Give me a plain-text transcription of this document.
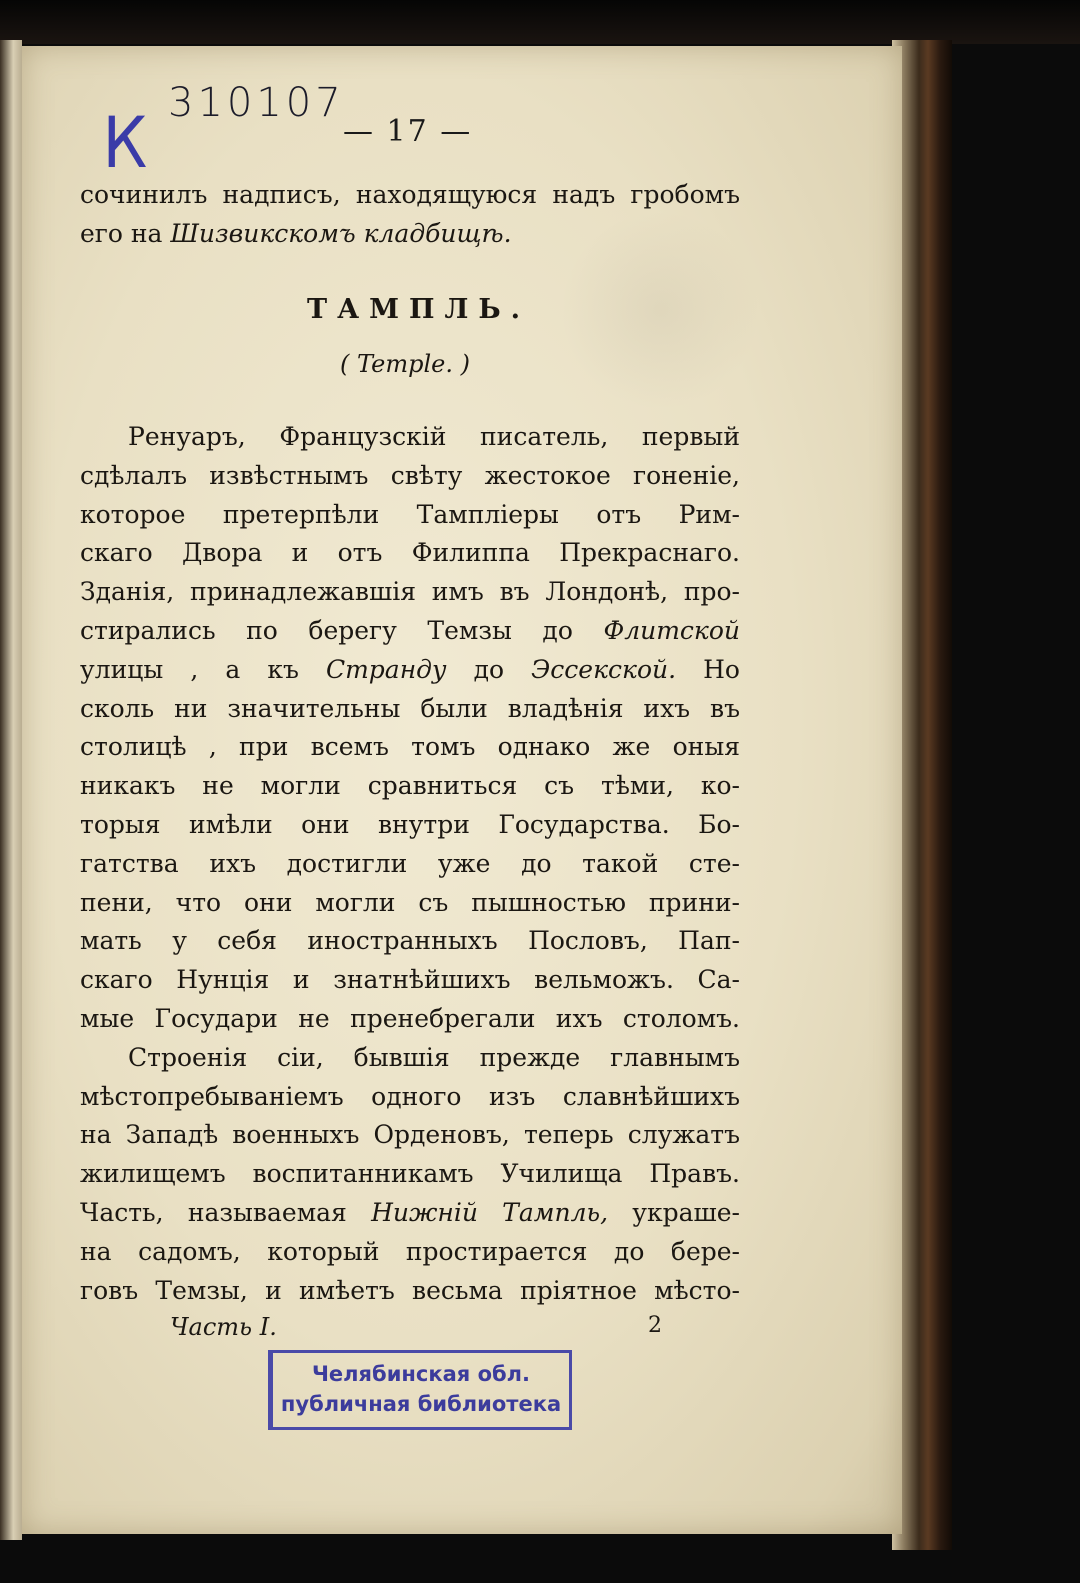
К 310107
— 17 —
сочинилъ надписъ, находящуюся надъ гробомъ
его на Шизвикскомъ кладбищѣ.
ТАМПЛЬ.
( Temple. )
Ренуаръ, Французскій писатель, первый
сдѣлалъ извѣстнымъ свѣту жестокое гоненіе,
которое претерпѣли Тампліеры отъ Рим-
скаго Двора и отъ Филиппа Прекраснаго.
Зданія, принадлежавшія имъ въ Лондонѣ, про-
стирались по берегу Темзы до Флитской
улицы , а къ Странду до Эссекской. Но
сколь ни значительны были владѣнія ихъ въ
столицѣ , при всемъ томъ однако же оныя
никакъ не могли сравниться съ тѣми, ко-
торыя имѣли они внутри Государства. Бо-
гатства ихъ достигли уже до такой сте-
пени, что они могли съ пышностью прини-
мать у себя иностранныхъ Пословъ, Пап-
скаго Нунція и знатнѣйшихъ вельможъ. Са-
мые Государи не пренебрегали ихъ столомъ.
Строенія сіи, бывшія прежде главнымъ
мѣстопребываніемъ одного изъ славнѣйшихъ
на Западѣ военныхъ Орденовъ, теперь служатъ
жилищемъ воспитанникамъ Училища Правъ.
Часть, называемая Нижній Тампль, украше-
на садомъ, который простирается до бере-
говъ Темзы, и имѣетъ весьма пріятное мѣсто-
Часть I.	2
Челябинская обл.
публичная библиотека
